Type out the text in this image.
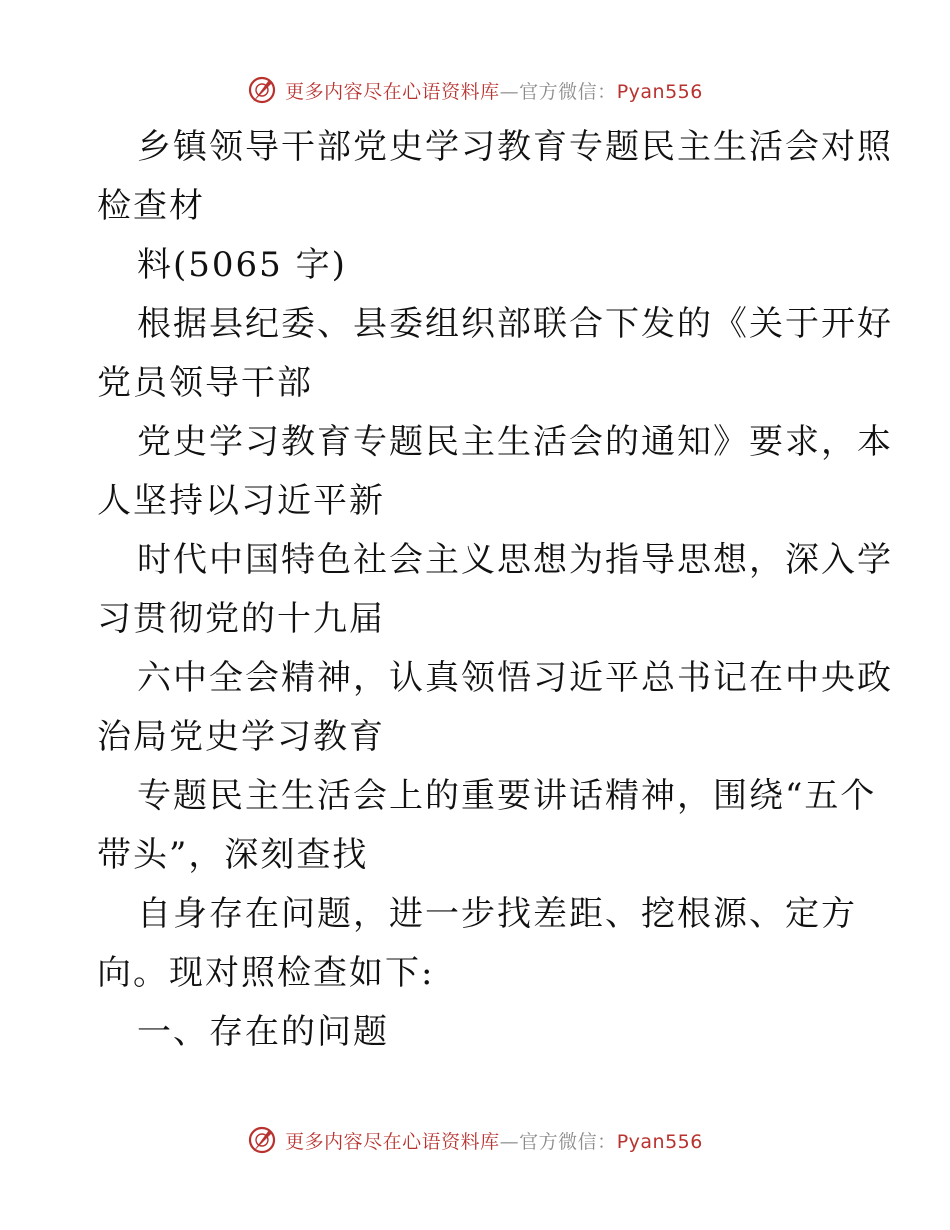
更多内容尽在心语资料库—官方微信：Pyan556

乡镇领导干部党史学习教育专题民主生活会对照
检查材

料(5065 字)

根据县纪委、县委组织部联合下发的《关于开好
党员领导干部

党史学习教育专题民主生活会的通知》要求，本
人坚持以习近平新

时代中国特色社会主义思想为指导思想，深入学
习贯彻党的十九届

六中全会精神，认真领悟习近平总书记在中央政
治局党史学习教育

专题民主生活会上的重要讲话精神，围绕“五个
带头”，深刻查找

自身存在问题，进一步找差距、挖根源、定方
向。现对照检查如下:

一、存在的问题

更多内容尽在心语资料库—官方微信：Pyan556
